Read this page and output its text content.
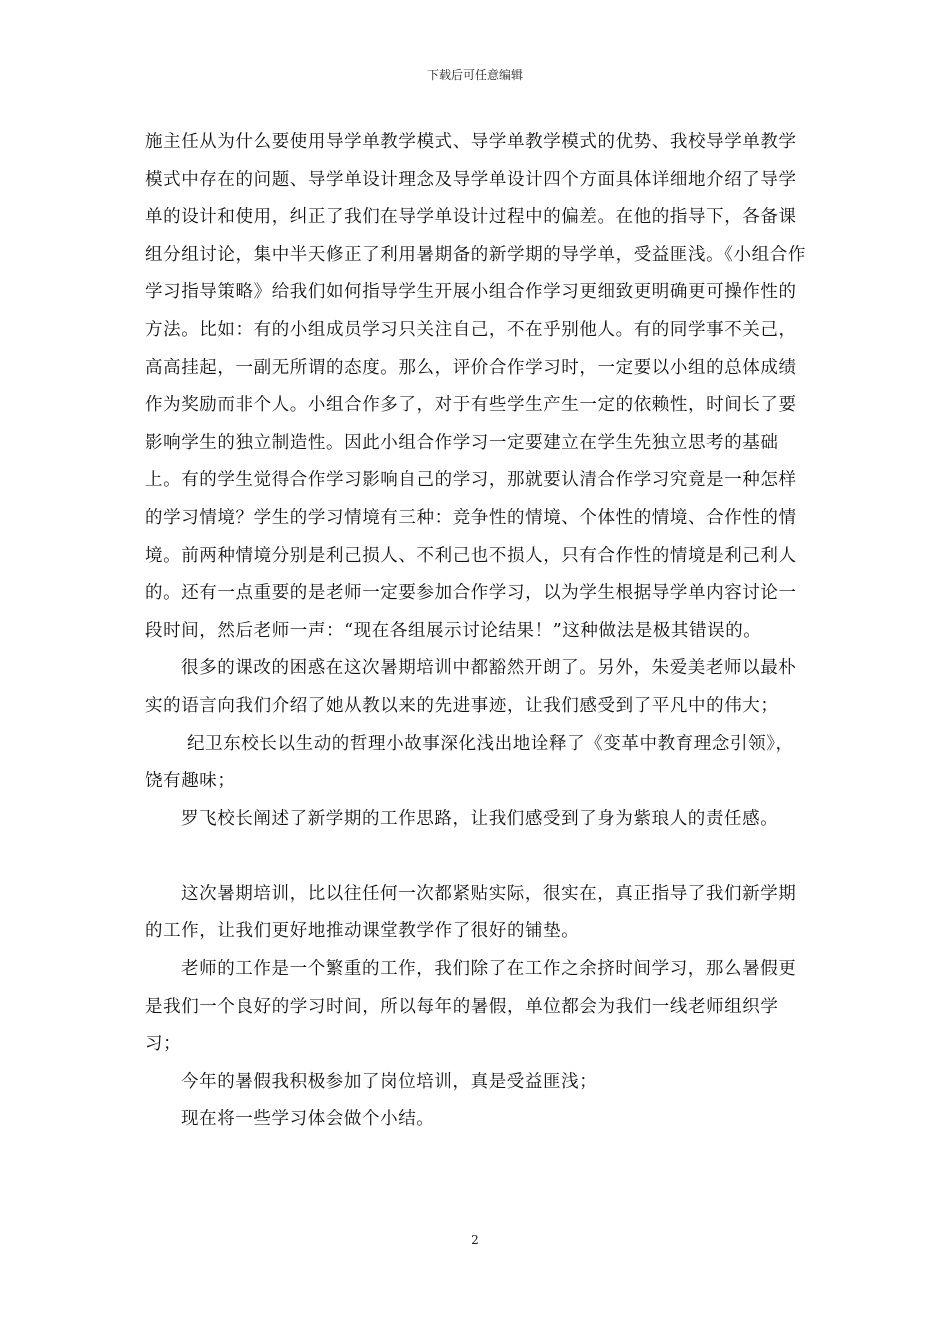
下载后可任意编辑

施主任从为什么要使用导学单教学模式、导学单教学模式的优势、我校导学单教学模式中存在的问题、导学单设计理念及导学单设计四个方面具体详细地介绍了导学单的设计和使用，纠正了我们在导学单设计过程中的偏差。在他的指导下，各备课组分组讨论，集中半天修正了利用暑期备的新学期的导学单，受益匪浅。《小组合作学习指导策略》给我们如何指导学生开展小组合作学习更细致更明确更可操作性的方法。比如：有的小组成员学习只关注自己，不在乎别他人。有的同学事不关己，高高挂起，一副无所谓的态度。那么，评价合作学习时，一定要以小组的总体成绩作为奖励而非个人。小组合作多了，对于有些学生产生一定的依赖性，时间长了要影响学生的独立制造性。因此小组合作学习一定要建立在学生先独立思考的基础上。有的学生觉得合作学习影响自己的学习，那就要认清合作学习究竟是一种怎样的学习情境？学生的学习情境有三种：竞争性的情境、个体性的情境、合作性的情境。前两种情境分别是利己损人、不利己也不损人，只有合作性的情境是利己利人的。还有一点重要的是老师一定要参加合作学习，以为学生根据导学单内容讨论一段时间，然后老师一声：“现在各组展示讨论结果！”这种做法是极其错误的。

很多的课改的困惑在这次暑期培训中都豁然开朗了。另外，朱爱美老师以最朴实的语言向我们介绍了她从教以来的先进事迹，让我们感受到了平凡中的伟大；

纪卫东校长以生动的哲理小故事深化浅出地诠释了《变革中教育理念引领》，饶有趣味；

罗飞校长阐述了新学期的工作思路，让我们感受到了身为紫琅人的责任感。

这次暑期培训，比以往任何一次都紧贴实际，很实在，真正指导了我们新学期的工作，让我们更好地推动课堂教学作了很好的铺垫。

老师的工作是一个繁重的工作，我们除了在工作之余挤时间学习，那么暑假更是我们一个良好的学习时间，所以每年的暑假，单位都会为我们一线老师组织学习；

今年的暑假我积极参加了岗位培训，真是受益匪浅；

现在将一些学习体会做个小结。

2
